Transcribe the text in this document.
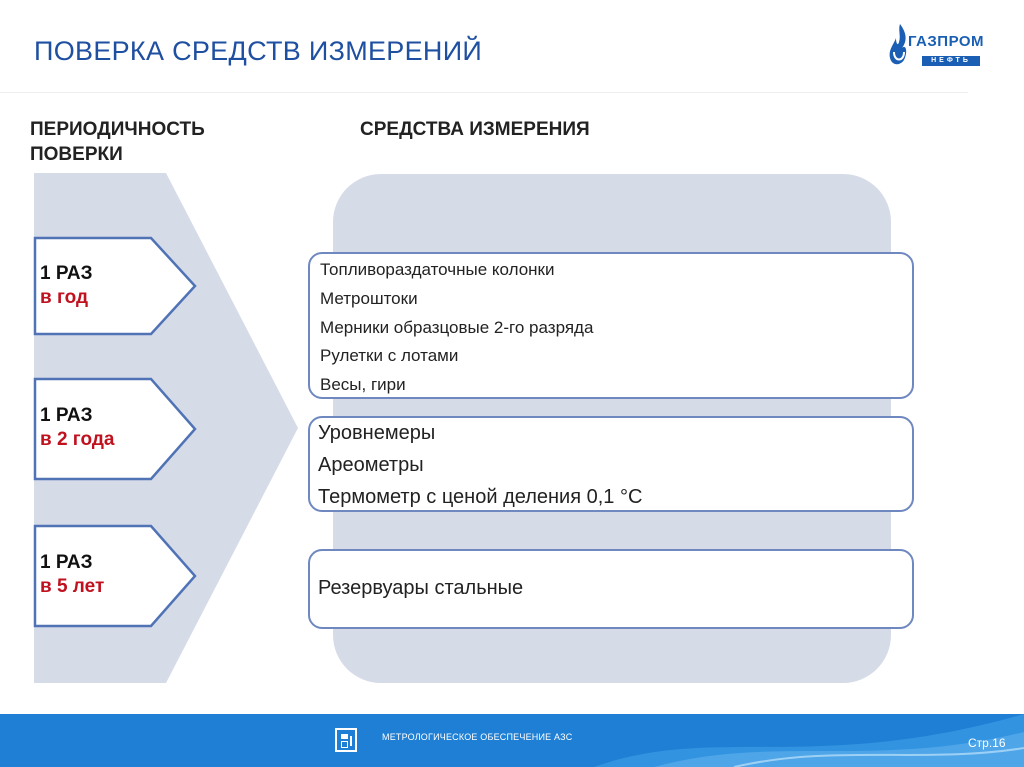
ПОВЕРКА СРЕДСТВ ИЗМЕРЕНИЙ	ГАЗПРОМ
НЕФТЬ
ПЕРИОДИЧНОСТЬ ПОВЕРКИ
СРЕДСТВА ИЗМЕРЕНИЯ
1 РАЗ
в год
1 РАЗ
в 2 года
1 РАЗ
в 5 лет
Топливораздаточные колонки
Метроштоки
Мерники образцовые 2-го разряда
Рулетки с лотами
Весы, гири
Уровнемеры
Ареометры
Термометр с ценой деления 0,1 °С
Резервуары стальные
МЕТРОЛОГИЧЕСКОЕ ОБЕСПЕЧЕНИЕ АЗС	Стр.16
